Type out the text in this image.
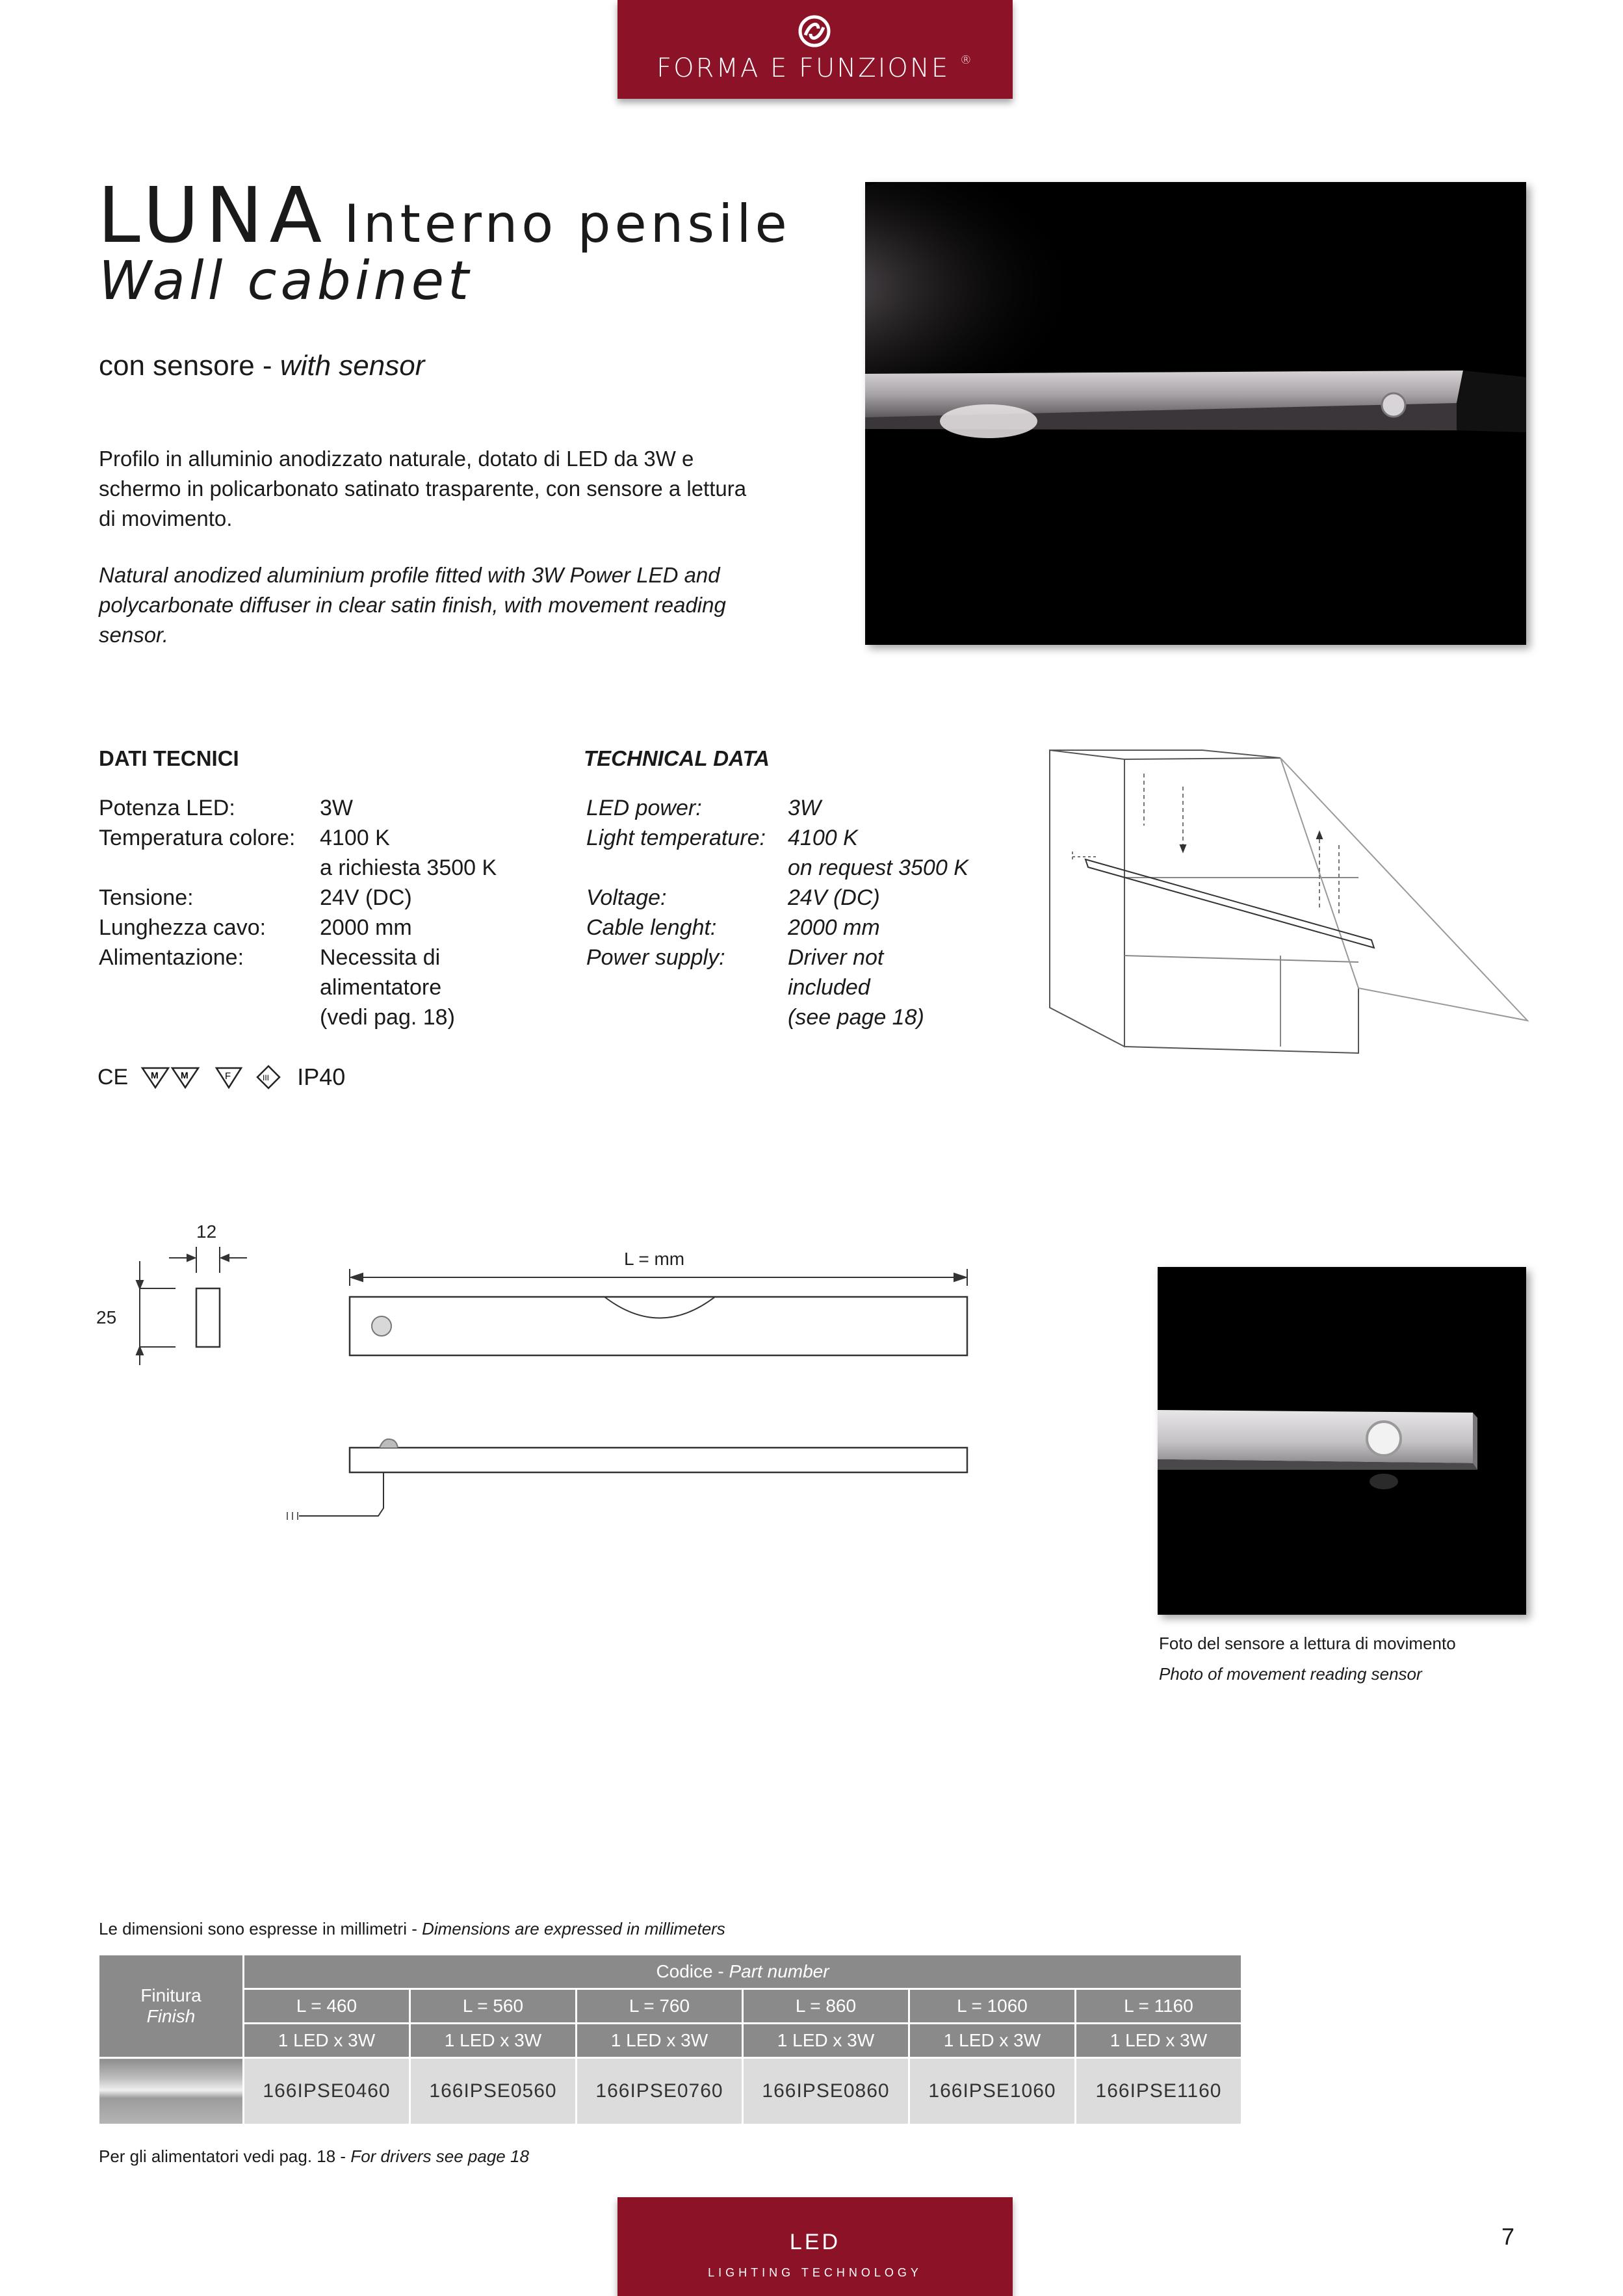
FORMA E FUNZIONE ®
LUNA Interno pensile
Wall cabinet
con sensore - with sensor
Profilo in alluminio anodizzato naturale, dotato di LED da 3W e schermo in policarbonato satinato trasparente, con sensore a lettura di movimento.
Natural anodized aluminium profile fitted with 3W Power LED and polycarbonate diffuser in clear satin finish, with movement reading sensor.
DATI TECNICI	TECHNICAL DATA
Potenza LED:	3W
Temperatura colore:	4100 K
a richiesta 3500 K
Tensione:	24V (DC)
Lunghezza cavo:	2000 mm
Alimentazione:	Necessita di
alimentatore
(vedi pag. 18)
LED power:	3W
Light temperature:	4100 K
on request 3500 K
Voltage:	24V (DC)
Cable lenght:	2000 mm
Power supply:	Driver not
included
(see page 18)
CE	M M	F	III IP40
12
25
L = mm
Foto del sensore a lettura di movimento
Photo of movement reading sensor
Le dimensioni sono espresse in millimetri - Dimensions are expressed in millimeters
Finitura
Finish	Codice - Part number					
	L = 460	L = 560	L = 760	L = 860	L = 1060	L = 1160
	1 LED x 3W	1 LED x 3W	1 LED x 3W	1 LED x 3W	1 LED x 3W	1 LED x 3W
	166IPSE0460	166IPSE0560	166IPSE0760	166IPSE0860	166IPSE1060	166IPSE1160
Per gli alimentatori vedi pag. 18 - For drivers see page 18
LED
LIGHTING TECHNOLOGY
7
